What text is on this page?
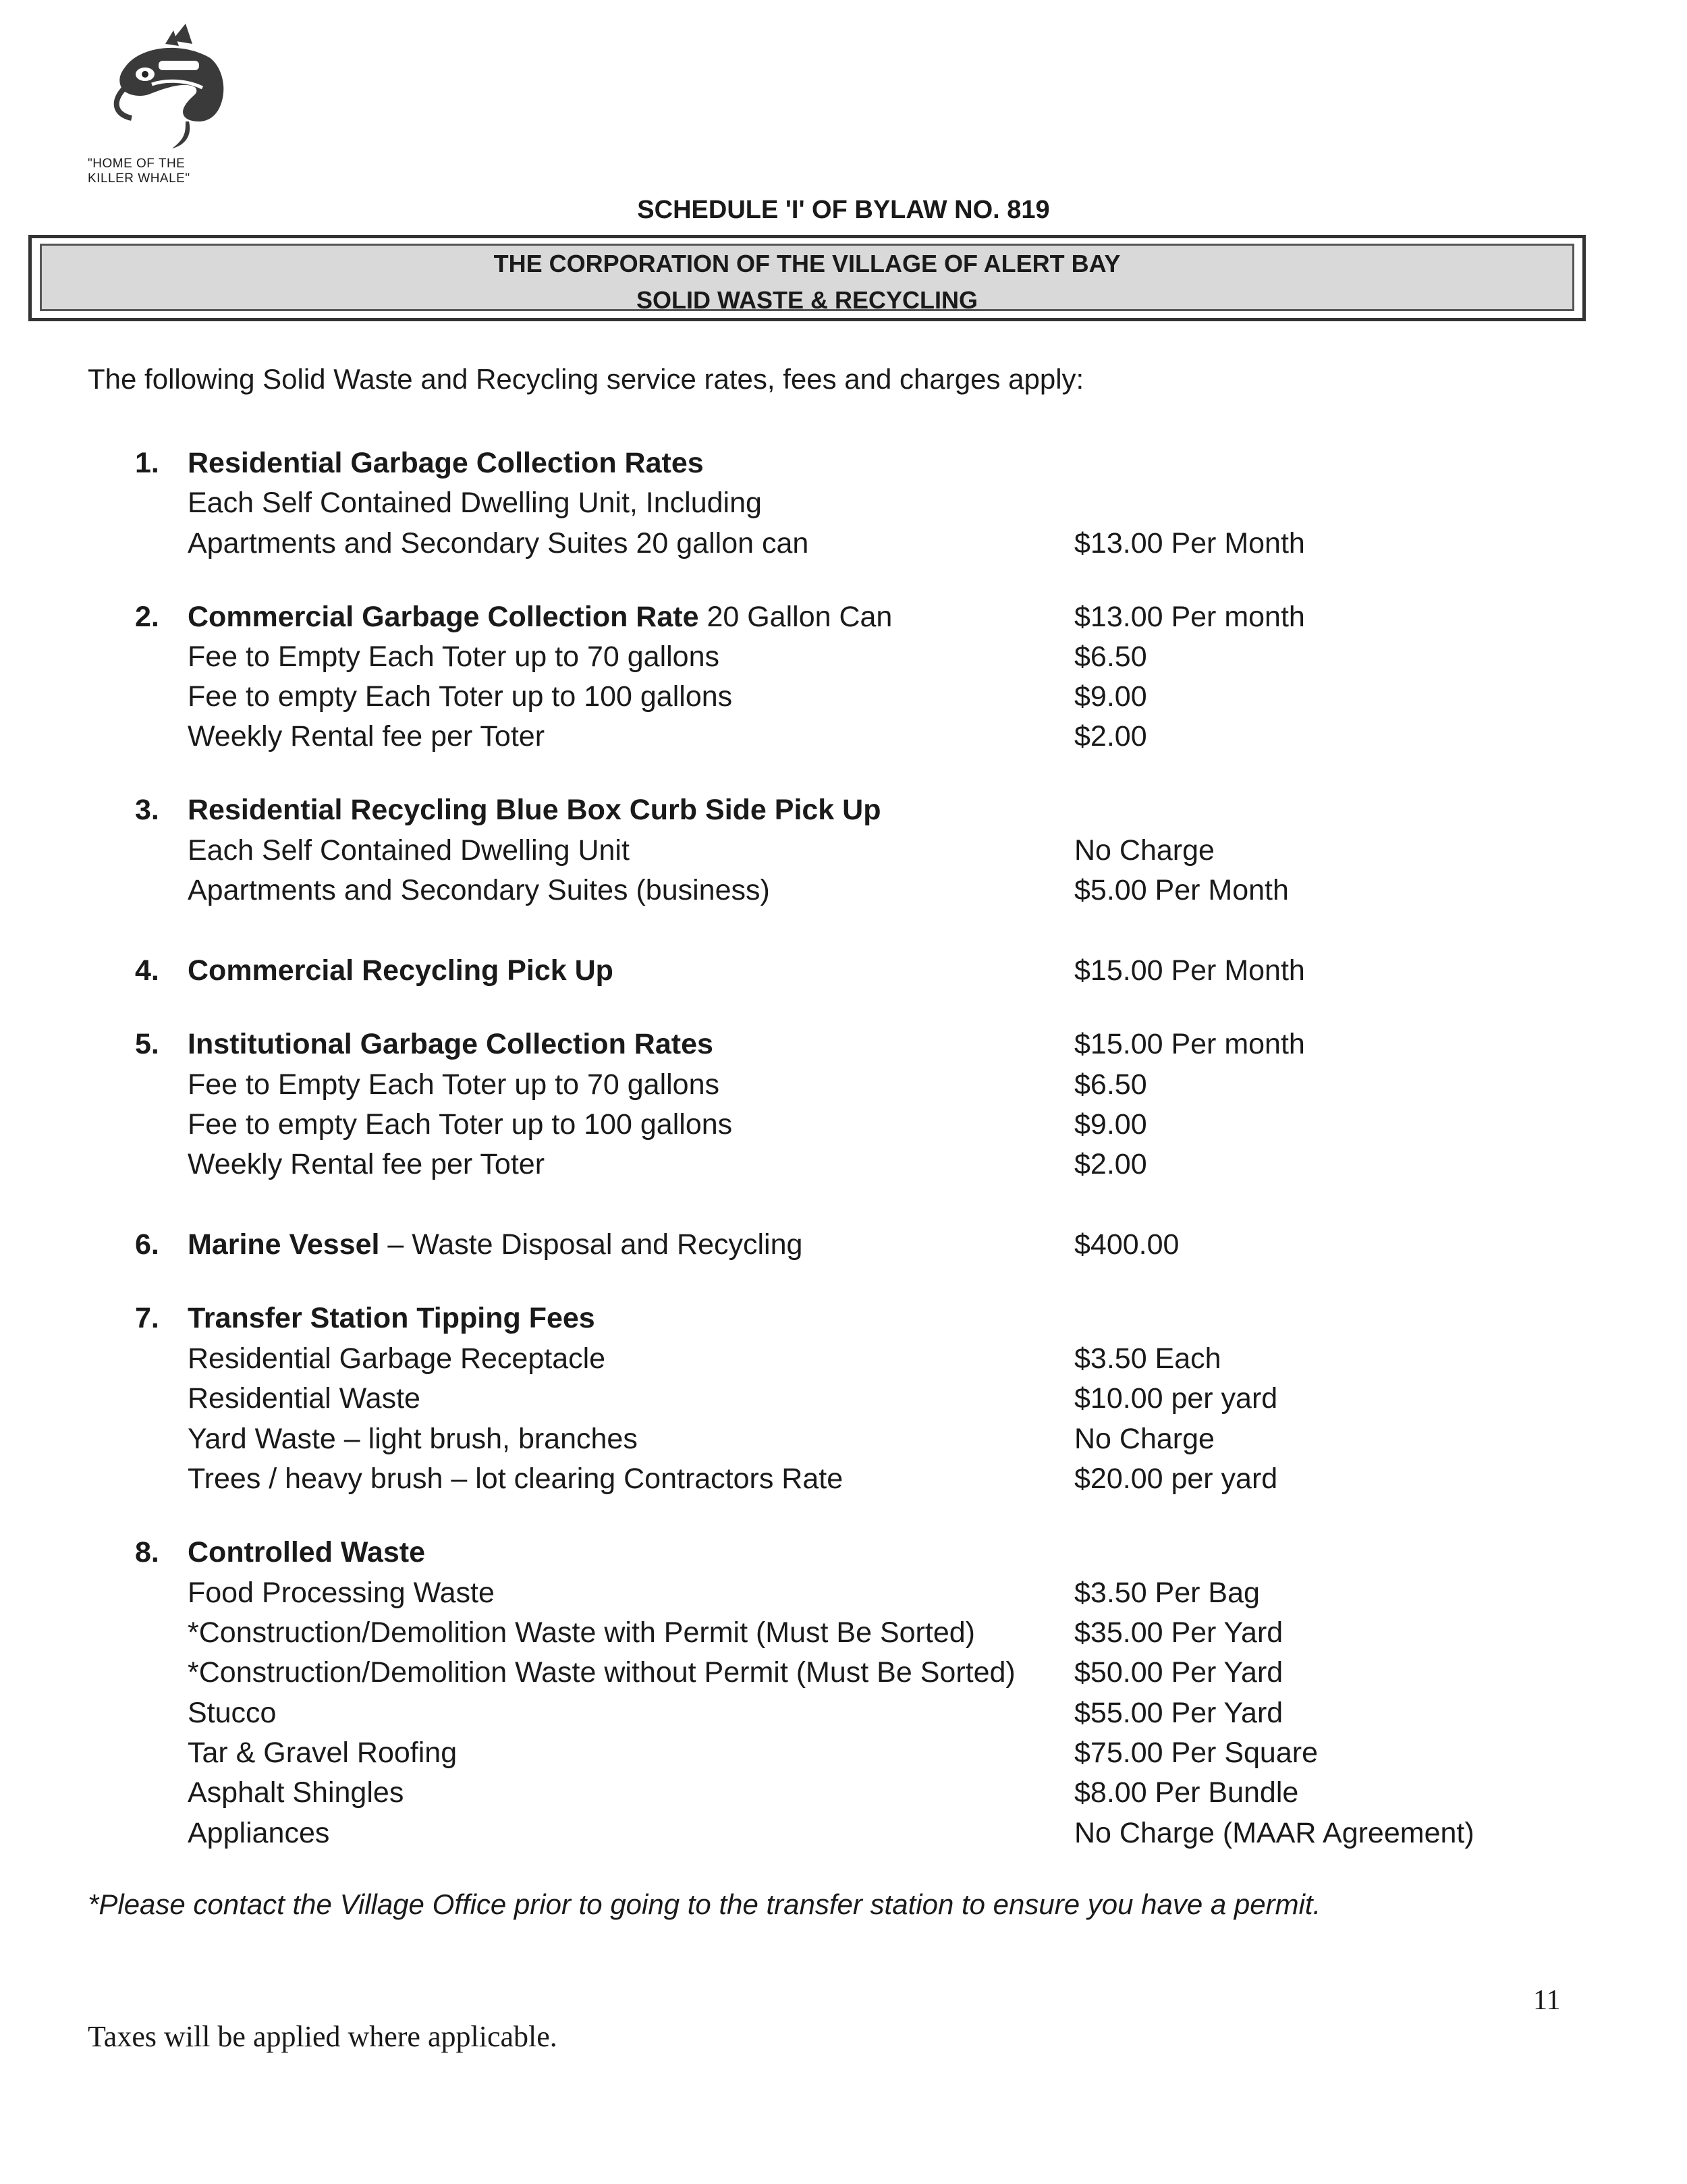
"HOME OF THE
KILLER WHALE"
SCHEDULE 'I' OF BYLAW NO. 819
THE CORPORATION OF THE VILLAGE OF ALERT BAY
SOLID WASTE & RECYCLING
The following Solid Waste and Recycling service rates, fees and charges apply:
1. Residential Garbage Collection Rates
Each Self Contained Dwelling Unit, Including
Apartments and Secondary Suites 20 gallon can	$13.00 Per Month
2. Commercial Garbage Collection Rate 20 Gallon Can	$13.00 Per month
Fee to Empty Each Toter up to 70 gallons	$6.50
Fee to empty Each Toter up to 100 gallons	$9.00
Weekly Rental fee per Toter	$2.00
3. Residential Recycling Blue Box Curb Side Pick Up
Each Self Contained Dwelling Unit	No Charge
Apartments and Secondary Suites (business)	$5.00 Per Month
4. Commercial Recycling Pick Up	$15.00 Per Month
5. Institutional Garbage Collection Rates	$15.00 Per month
Fee to Empty Each Toter up to 70 gallons	$6.50
Fee to empty Each Toter up to 100 gallons	$9.00
Weekly Rental fee per Toter	$2.00
6. Marine Vessel – Waste Disposal and Recycling	$400.00
7. Transfer Station Tipping Fees
Residential Garbage Receptacle	$3.50 Each
Residential Waste	$10.00 per yard
Yard Waste – light brush, branches	No Charge
Trees / heavy brush – lot clearing Contractors Rate	$20.00 per yard
8. Controlled Waste
Food Processing Waste	$3.50 Per Bag
*Construction/Demolition Waste with Permit (Must Be Sorted)	$35.00 Per Yard
*Construction/Demolition Waste without Permit (Must Be Sorted) $50.00 Per Yard
Stucco	$55.00 Per Yard
Tar & Gravel Roofing	$75.00 Per Square
Asphalt Shingles	$8.00 Per Bundle
Appliances	No Charge (MAAR Agreement)
*Please contact the Village Office prior to going to the transfer station to ensure you have a permit.
11
Taxes will be applied where applicable.
